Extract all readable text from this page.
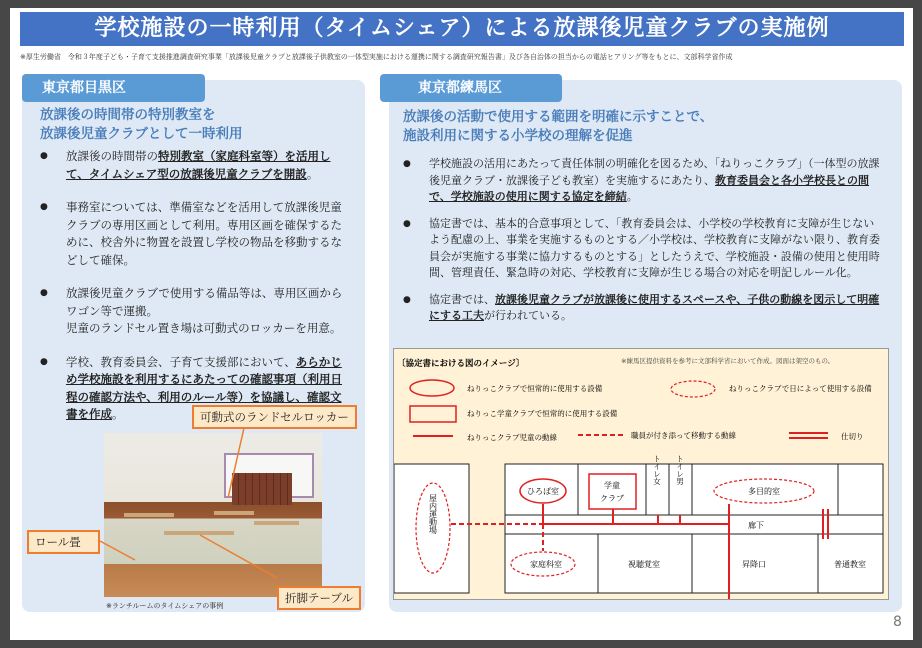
学校施設の一時利用（タイムシェア）による放課後児童クラブの実施例
※厚生労働省　令和３年度子ども・子育て支援推進調査研究事業「放課後児童クラブと放課後子供教室の一体型実施における運携に関する調査研究報告書」及び各自治体の担当からの電話ヒアリング等をもとに、文部科学省作成
東京都目黒区
放課後の時間帯の特別教室を
放課後児童クラブとして一時利用
● 放課後の時間帯の特別教室（家庭科室等）を活用して、タイムシェア型の放課後児童クラブを開設。
● 事務室については、準備室などを活用して放課後児童クラブの専用区画として利用。専用区画を確保するために、校舎外に物置を設置し学校の物品を移動するなどして確保。
● 放課後児童クラブで使用する備品等は、専用区画からワゴン等で運搬。
児童のランドセル置き場は可動式のロッカーを用意。
● 学校、教育委員会、子育て支援部において、あらかじめ学校施設を利用するにあたっての確認事項（利用日程の確認方法や、利用のルール等）を協議し、確認文書を作成。	可動式のランドセルロッカー
ロール畳
折脚テーブル
※ランチルームのタイムシェアの事例
東京都練馬区
放課後の活動で使用する範囲を明確に示すことで、
施設利用に関する小学校の理解を促進
● 学校施設の活用にあたって責任体制の明確化を図るため、「ねりっこクラブ」（一体型の放課後児童クラブ・放課後子ども教室）を実施するにあたり、教育委員会と各小学校長との間で、学校施設の使用に関する協定を締結。
● 協定書では、基本的合意事項として、「教育委員会は、小学校の学校教育に支障が生じないよう配慮の上、事業を実施するものとする／小学校は、学校教育に支障がない限り、教育委員会が実施する事業に協力するものとする」としたうえで、学校施設・設備の使用と使用時間、管理責任、緊急時の対応、学校教育に支障が生じる場合の対応を明記しルール化。
● 協定書では、放課後児童クラブが放課後に使用するスペースや、子供の動線を図示して明確にする工夫が行われている。
〔協定書における図のイメージ〕	※練馬区提供資料を参考に文部科学省において作成。図面は架空のもの。
ねりっこクラブで恒常的に使用する設備	ねりっこクラブで日によって使用する設備
ねりっこ学童クラブで恒常的に使用する設備
ねりっこクラブ児童の動線	職員が付き添って移動する動線	仕切り
屋内運動場
ひろば室
学童
クラブ
トイレ女 トイレ男
多目的室
廊下
家庭科室	視聴覚室	昇降口	普通教室
8
